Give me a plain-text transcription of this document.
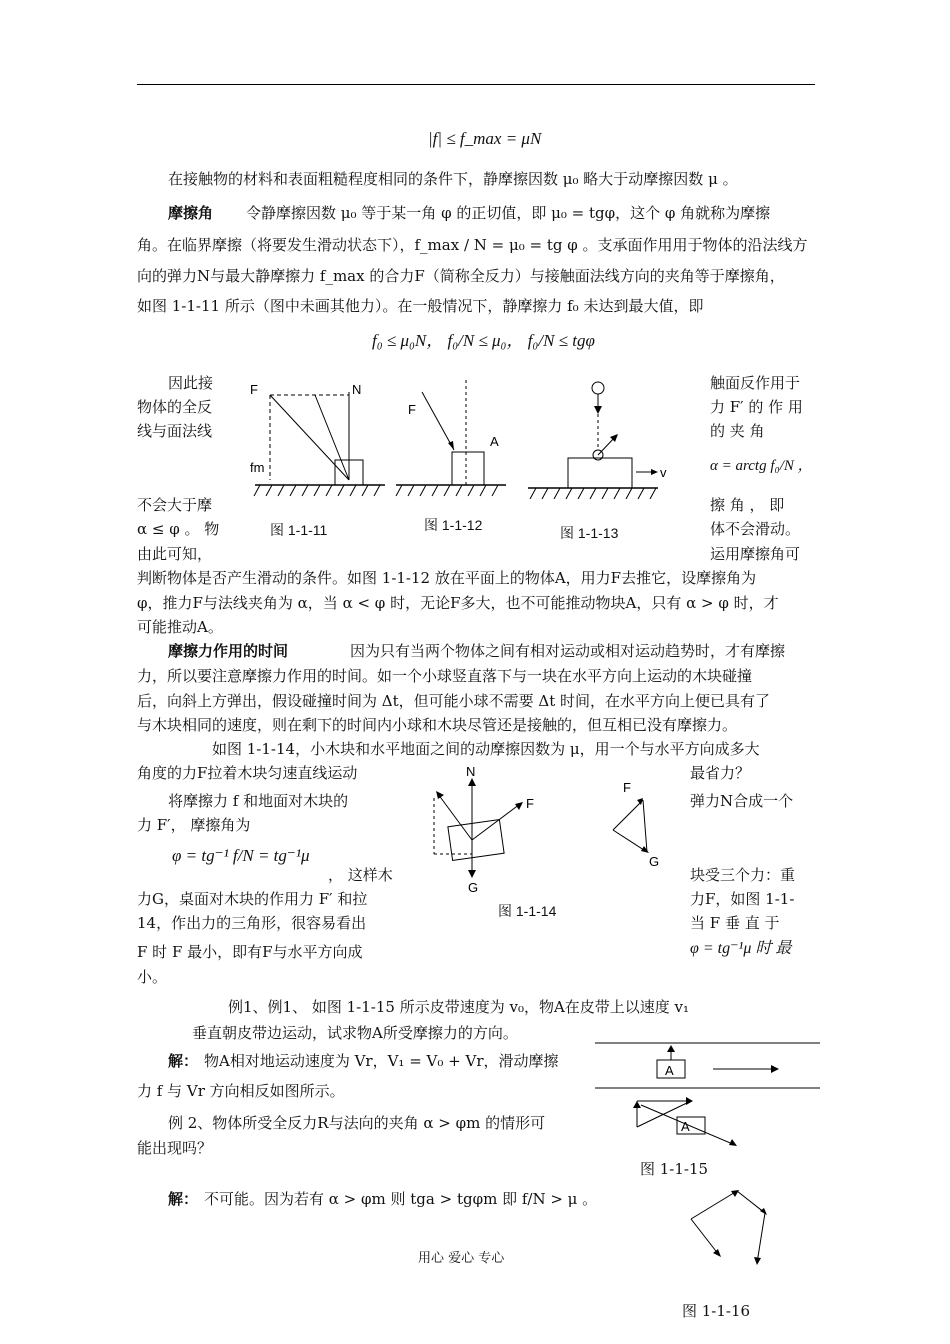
|f| ≤ f_max = μN
在接触物的材料和表面粗糙程度相同的条件下，静摩擦因数 μ₀ 略大于动摩擦因数 μ 。
摩擦角 令静摩擦因数 μ₀ 等于某一角 φ 的正切值，即 μ₀ = tgφ，这个 φ 角就称为摩擦
角。在临界摩擦（将要发生滑动状态下），f_max / N = μ₀ = tg φ 。支承面作用用于物体的沿法线方
向的弹力N与最大静摩擦力 f_max 的合力F（简称全反力）与接触面法线方向的夹角等于摩擦角，
如图 1-1-11 所示（图中未画其他力）。在一般情况下，静摩擦力 f₀ 未达到最大值，即
f₀ ≤ μ₀N， f₀/N ≤ μ₀， f₀/N ≤ tgφ
因此接
物体的全反
线与面法线
不会大于摩
α ≤ φ 。 物
由此可知，
触面反作用于
力 F′ 的 作 用
的 夹 角
α = arctg f₀/N ，
擦 角 ， 即
体不会滑动。
运用摩擦角可
F	N
fm
图 1-1-11
F
A
图 1-1-12
v
图 1-1-13
判断物体是否产生滑动的条件。如图 1-1-12 放在平面上的物体A，用力F去推它，设摩擦角为
φ，推力F与法线夹角为 α，当 α < φ 时，无论F多大，也不可能推动物块A，只有 α > φ 时，才
可能推动A。
摩擦力作用的时间	因为只有当两个物体之间有相对运动或相对运动趋势时，才有摩擦
力，所以要注意摩擦力作用的时间。如一个小球竖直落下与一块在水平方向上运动的木块碰撞
后，向斜上方弹出，假设碰撞时间为 Δt，但可能小球不需要 Δt 时间，在水平方向上便已具有了
与木块相同的速度，则在剩下的时间内小球和木块尽管还是接触的，但互相已没有摩擦力。
如图 1-1-14，小木块和水平地面之间的动摩擦因数为 μ，用一个与水平方向成多大
角度的力F拉着木块匀速直线运动
将摩擦力 f 和地面对木块的
力 F′， 摩擦角为
φ = tg⁻¹ f/N = tg⁻¹μ
， 这样木
力G，桌面对木块的作用力 F′ 和拉
14，作出力的三角形，很容易看出
F 时 F 最小，即有F与水平方向成
小。
最省力？
弹力N合成一个
块受三个力：重
力F，如图 1-1-
当 F 垂 直 于
φ = tg⁻¹μ 时 最
N
F
G
图 1-1-14
F
G
例1、例1、 如图 1-1-15 所示皮带速度为 v₀，物A在皮带上以速度 v₁
垂直朝皮带边运动，试求物A所受摩擦力的方向。
解： 物A相对地运动速度为 Vr，V₁ = V₀ + Vr，滑动摩擦
力 f 与 Vr 方向相反如图所示。
例 2、物体所受全反力R与法向的夹角 α > φm 的情形可
能出现吗？
解： 不可能。因为若有 α > φm 则 tga > tgφm 即 f/N > μ 。
A
A
图 1-1-15
图 1-1-16
用心 爱心 专心
